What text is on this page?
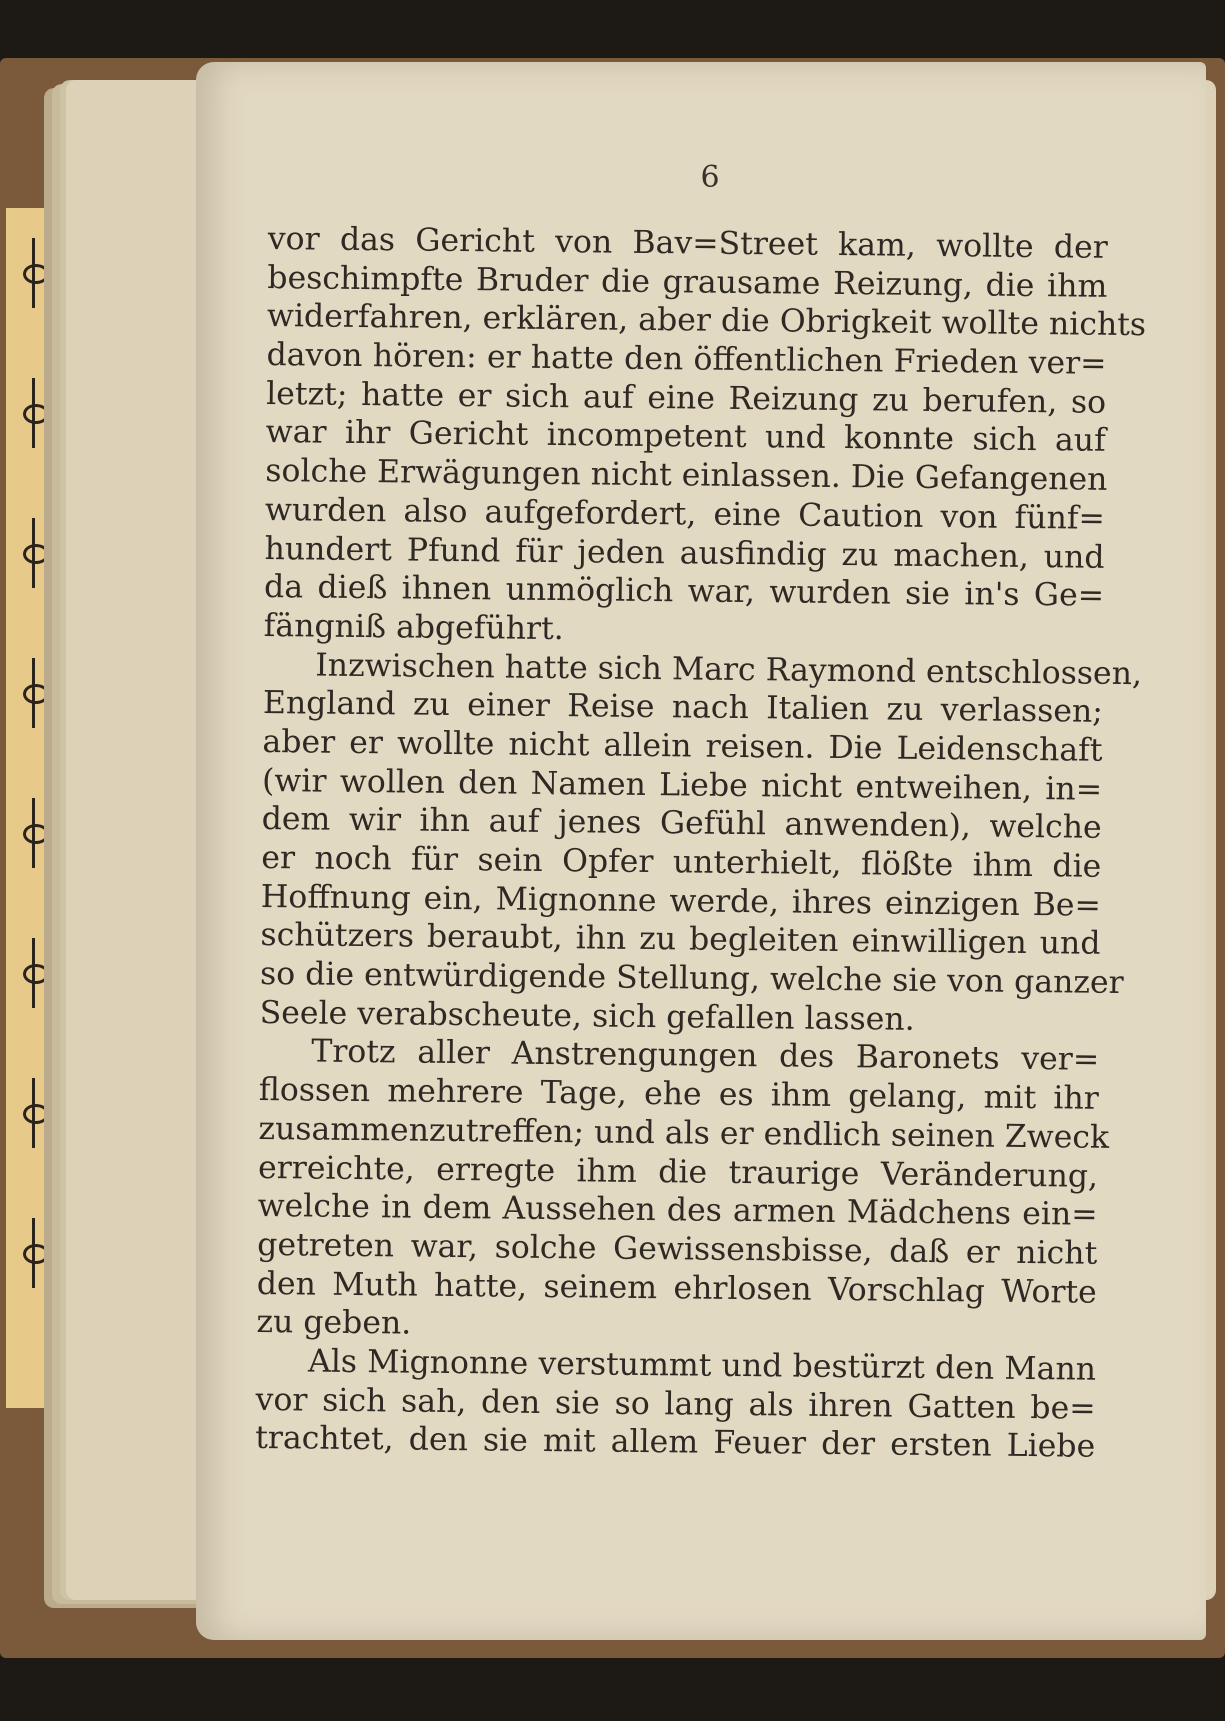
6
vor das Gericht von Bav=Street kam, wollte der
beschimpfte Bruder die grausame Reizung, die ihm
widerfahren, erklären, aber die Obrigkeit wollte nichts
davon hören: er hatte den öffentlichen Frieden ver=
letzt; hatte er sich auf eine Reizung zu berufen, so
war ihr Gericht incompetent und konnte sich auf
solche Erwägungen nicht einlassen. Die Gefangenen
wurden also aufgefordert, eine Caution von fünf=
hundert Pfund für jeden ausfindig zu machen, und
da dieß ihnen unmöglich war, wurden sie in's Ge=
fängniß abgeführt.
Inzwischen hatte sich Marc Raymond entschlossen,
England zu einer Reise nach Italien zu verlassen;
aber er wollte nicht allein reisen. Die Leidenschaft
(wir wollen den Namen Liebe nicht entweihen, in=
dem wir ihn auf jenes Gefühl anwenden), welche
er noch für sein Opfer unterhielt, flößte ihm die
Hoffnung ein, Mignonne werde, ihres einzigen Be=
schützers beraubt, ihn zu begleiten einwilligen und
so die entwürdigende Stellung, welche sie von ganzer
Seele verabscheute, sich gefallen lassen.
Trotz aller Anstrengungen des Baronets ver=
flossen mehrere Tage, ehe es ihm gelang, mit ihr
zusammenzutreffen; und als er endlich seinen Zweck
erreichte, erregte ihm die traurige Veränderung,
welche in dem Aussehen des armen Mädchens ein=
getreten war, solche Gewissensbisse, daß er nicht
den Muth hatte, seinem ehrlosen Vorschlag Worte
zu geben.
Als Mignonne verstummt und bestürzt den Mann
vor sich sah, den sie so lang als ihren Gatten be=
trachtet, den sie mit allem Feuer der ersten Liebe
